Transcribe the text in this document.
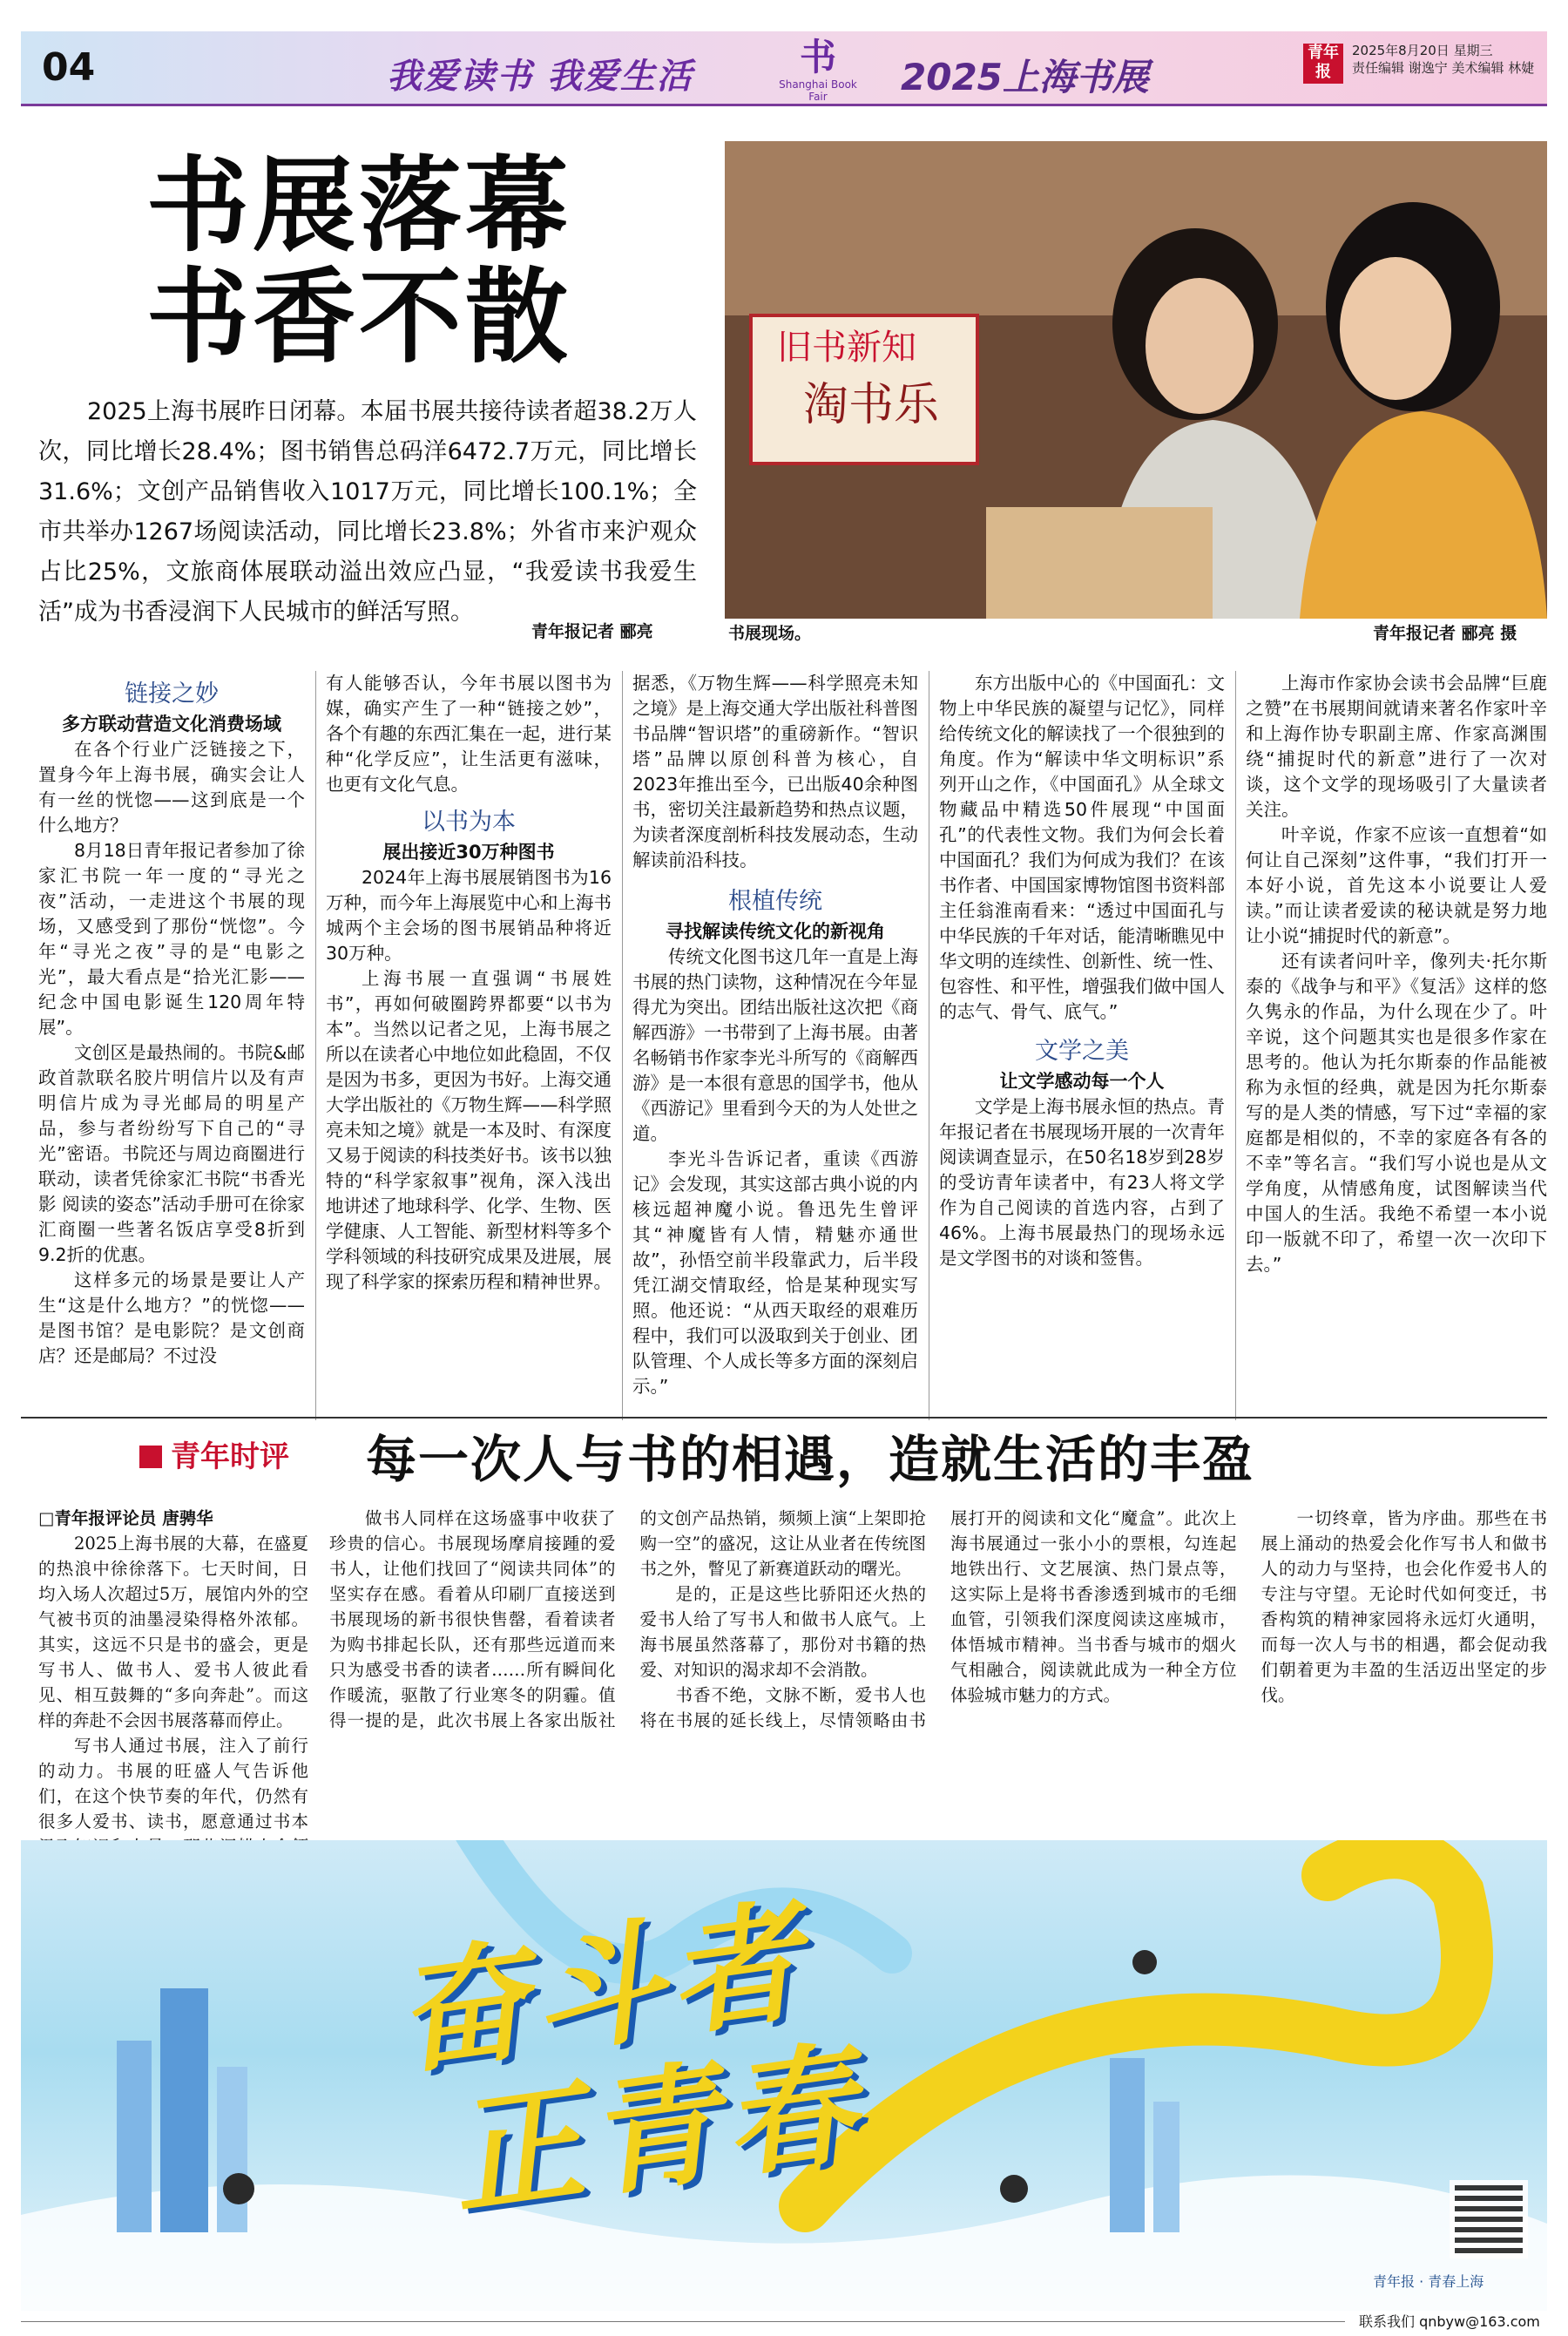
04	我爱读书 我爱生活	书
Shanghai Book Fair	2025上海书展
青年报
2025年8月20日 星期三
责任编辑 谢逸宁 美术编辑 林婕
书展落幕
书香不散
2025上海书展昨日闭幕。本届书展共接待读者超38.2万人次，同比增长28.4%；图书销售总码洋6472.7万元，同比增长31.6%；文创产品销售收入1017万元，同比增长100.1%；全市共举办1267场阅读活动，同比增长23.8%；外省市来沪观众占比25%，文旅商体展联动溢出效应凸显，“我爱读书我爱生活”成为书香浸润下人民城市的鲜活写照。
青年报记者 郦亮
旧书新知
淘书乐
书展现场。	青年报记者 郦亮 摄
链接之妙
多方联动营造文化消费场域

在各个行业广泛链接之下，置身今年上海书展，确实会让人有一丝的恍惚——这到底是一个什么地方？

8月18日青年报记者参加了徐家汇书院一年一度的“寻光之夜”活动，一走进这个书展的现场，又感受到了那份“恍惚”。今年“寻光之夜”寻的是“电影之光”，最大看点是“拾光汇影——纪念中国电影诞生120周年特展”。

文创区是最热闹的。书院&邮政首款联名胶片明信片以及有声明信片成为寻光邮局的明星产品，参与者纷纷写下自己的“寻光”密语。书院还与周边商圈进行联动，读者凭徐家汇书院“书香光影 阅读的姿态”活动手册可在徐家汇商圈一些著名饭店享受8折到9.2折的优惠。

这样多元的场景是要让人产生“这是什么地方？”的恍惚——是图书馆？是电影院？是文创商店？还是邮局？不过没

有人能够否认，今年书展以图书为媒，确实产生了一种“链接之妙”，各个有趣的东西汇集在一起，进行某种“化学反应”，让生活更有滋味，也更有文化气息。

以书为本
展出接近30万种图书

2024年上海书展展销图书为16万种，而今年上海展览中心和上海书城两个主会场的图书展销品种将近30万种。

上海书展一直强调“书展姓书”，再如何破圈跨界都要“以书为本”。当然以记者之见，上海书展之所以在读者心中地位如此稳固，不仅是因为书多，更因为书好。上海交通大学出版社的《万物生辉——科学照亮未知之境》就是一本及时、有深度又易于阅读的科技类好书。该书以独特的“科学家叙事”视角，深入浅出地讲述了地球科学、化学、生物、医学健康、人工智能、新型材料等多个学科领域的科技研究成果及进展，展现了科学家的探索历程和精神世界。

据悉，《万物生辉——科学照亮未知之境》是上海交通大学出版社科普图书品牌“智识塔”的重磅新作。“智识塔”品牌以原创科普为核心，自2023年推出至今，已出版40余种图书，密切关注最新趋势和热点议题，为读者深度剖析科技发展动态，生动解读前沿科技。

根植传统
寻找解读传统文化的新视角

传统文化图书这几年一直是上海书展的热门读物，这种情况在今年显得尤为突出。团结出版社这次把《商解西游》一书带到了上海书展。由著名畅销书作家李光斗所写的《商解西游》是一本很有意思的国学书，他从《西游记》里看到今天的为人处世之道。

李光斗告诉记者，重读《西游记》会发现，其实这部古典小说的内核远超神魔小说。鲁迅先生曾评其“神魔皆有人情，精魅亦通世故”，孙悟空前半段靠武力，后半段凭江湖交情取经，恰是某种现实写照。他还说：“从西天取经的艰难历程中，我们可以汲取到关于创业、团队管理、个人成长等多方面的深刻启示。”

东方出版中心的《中国面孔：文物上中华民族的凝望与记忆》，同样给传统文化的解读找了一个很独到的角度。作为“解读中华文明标识”系列开山之作，《中国面孔》从全球文物藏品中精选50件展现“中国面孔”的代表性文物。我们为何会长着中国面孔？我们为何成为我们？在该书作者、中国国家博物馆图书资料部主任翁淮南看来：“透过中国面孔与中华民族的千年对话，能清晰瞧见中华文明的连续性、创新性、统一性、包容性、和平性，增强我们做中国人的志气、骨气、底气。”

文学之美
让文学感动每一个人

文学是上海书展永恒的热点。青年报记者在书展现场开展的一次青年阅读调查显示，在50名18岁到28岁的受访青年读者中，有23人将文学作为自己阅读的首选内容，占到了46%。上海书展最热门的现场永远是文学图书的对谈和签售。

上海市作家协会读书会品牌“巨鹿之赞”在书展期间就请来著名作家叶辛和上海作协专职副主席、作家高渊围绕“捕捉时代的新意”进行了一次对谈，这个文学的现场吸引了大量读者关注。

叶辛说，作家不应该一直想着“如何让自己深刻”这件事，“我们打开一本好小说，首先这本小说要让人爱读。”而让读者爱读的秘诀就是努力地让小说“捕捉时代的新意”。

还有读者问叶辛，像列夫·托尔斯泰的《战争与和平》《复活》这样的悠久隽永的作品，为什么现在少了。叶辛说，这个问题其实也是很多作家在思考的。他认为托尔斯泰的作品能被称为永恒的经典，就是因为托尔斯泰写的是人类的情感，写下过“幸福的家庭都是相似的，不幸的家庭各有各的不幸”等名言。“我们写小说也是从文学角度，从情感角度，试图解读当代中国人的生活。我绝不希望一本小说印一版就不印了，希望一次一次印下去。”

青年时评 每一次人与书的相遇，造就生活的丰盈
□青年报评论员 唐骋华

2025上海书展的大幕，在盛夏的热浪中徐徐落下。七天时间，日均入场人次超过5万，展馆内外的空气被书页的油墨浸染得格外浓郁。其实，这远不只是书的盛会，更是写书人、做书人、爱书人彼此看见、相互鼓舞的“多向奔赴”。而这样的奔赴不会因书展落幕而停止。

写书人通过书展，注入了前行的动力。书展的旺盛人气告诉他们，在这个快节奏的年代，仍然有很多人爱书、读书，愿意通过书本

做书人同样在这场盛事中收获了珍贵的信心。书展现场摩肩接踵的爱书人，让他们找回了“阅读共同体”的坚实存在感。看着从印刷厂直接送到书展现场的新书很快售罄，看着读者为购书排起长队，还有那些远道而来只为感受书香的读者……所有瞬间化作暖流，驱散了行业寒冬的阴霾。值得一提的是，此次书展上各家出版社的文创产品热销，频频上演“上架即抢购一空”的盛况，这让从业者在传统图书之外，瞥见了新赛道跃动的曙光。

是的，正是这些比骄阳还火热的爱书人给了写书人和做书人底气。上海书展虽然落幕了，那份对书籍的热爱、对知识的渴求却不会消散。

书香不绝，文脉不断，爱书人也将在书展的延长线上，尽情领略由书展打开的阅读和文化“魔盒”。此次上海书展通过一张小小的票根，勾连起地铁出行、文艺展演、热门景点等，这实际上是将书香渗透到城市的毛细血管，引领我们深度阅读这座城市，体悟城市精神。当书香与城市的烟火气相融合，阅读就此成为一种全方位体验城市魅力的方式。

一切终章，皆为序曲。那些在书展上涌动的热爱会化作写书人和做书人的动力与坚持，也会化作爱书人的专注与守望。无论时代如何变迁，书香构筑的精神家园将永远灯火通明，而每一次人与书的相遇，都会促动我们朝着更为丰盈的生活迈出坚定的步伐。

奋斗者
正青春
青年报 · 青春上海
联系我们 qnbyw@163.com
